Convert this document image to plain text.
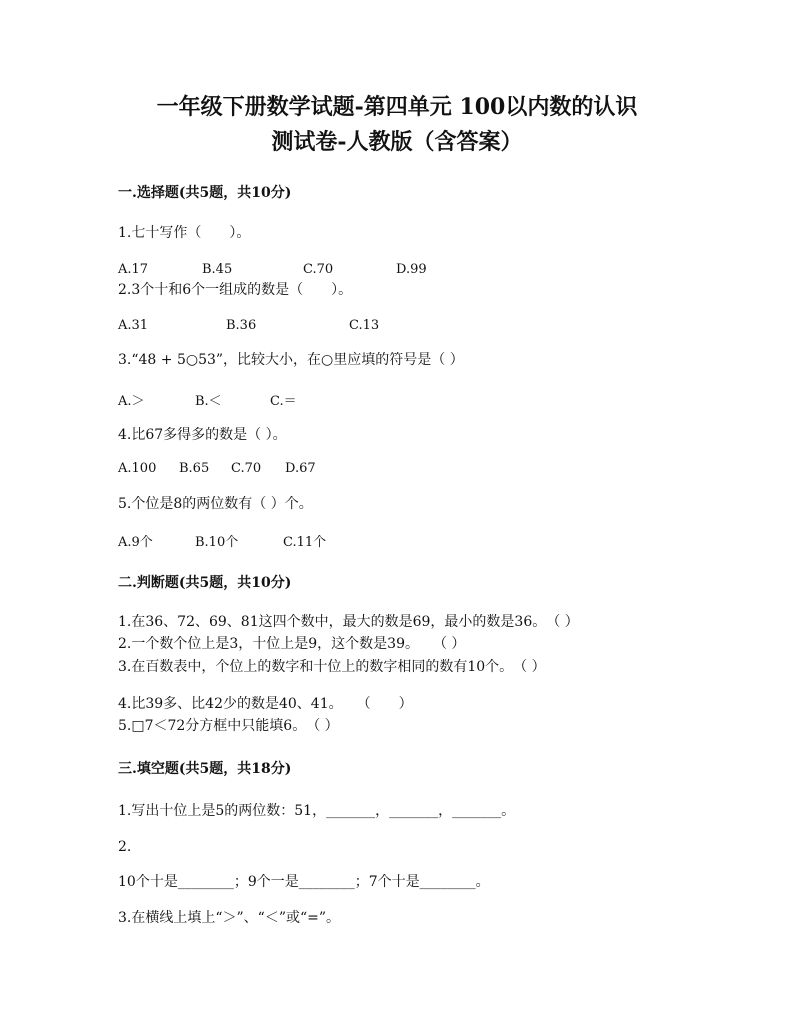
一年级下册数学试题-第四单元 100以内数的认识
测试卷-人教版（含答案）
一.选择题(共5题，共10分)
1.七十写作（　　）。
A.17	B.45	C.70	D.99
2.3个十和6个一组成的数是（　　）。
A.31	B.36	C.13
3.“48 + 5○53”，比较大小，在○里应填的符号是（ ）
A.＞	B.＜	C.＝
4.比67多得多的数是（ ）。
A.100 B.65 C.70 D.67
5.个位是8的两位数有（ ）个。
A.9个	B.10个	C.11个
二.判断题(共5题，共10分)
1.在36、72、69、81这四个数中，最大的数是69，最小的数是36。　（ ）
2.一个数个位上是3，十位上是9，这个数是39。　　（ ）
3.在百数表中，个位上的数字和十位上的数字相同的数有10个。　（ ）
4.比39多、比42少的数是40、41。　　（　　）
5.□7＜72分方框中只能填6。　（ ）
三.填空题(共5题，共18分)
1.写出十位上是5的两位数：51，_______，_______，_______。
2.
10个十是________；9个一是________；7个十是________。
3.在横线上填上“＞”、“＜”或“=”。
